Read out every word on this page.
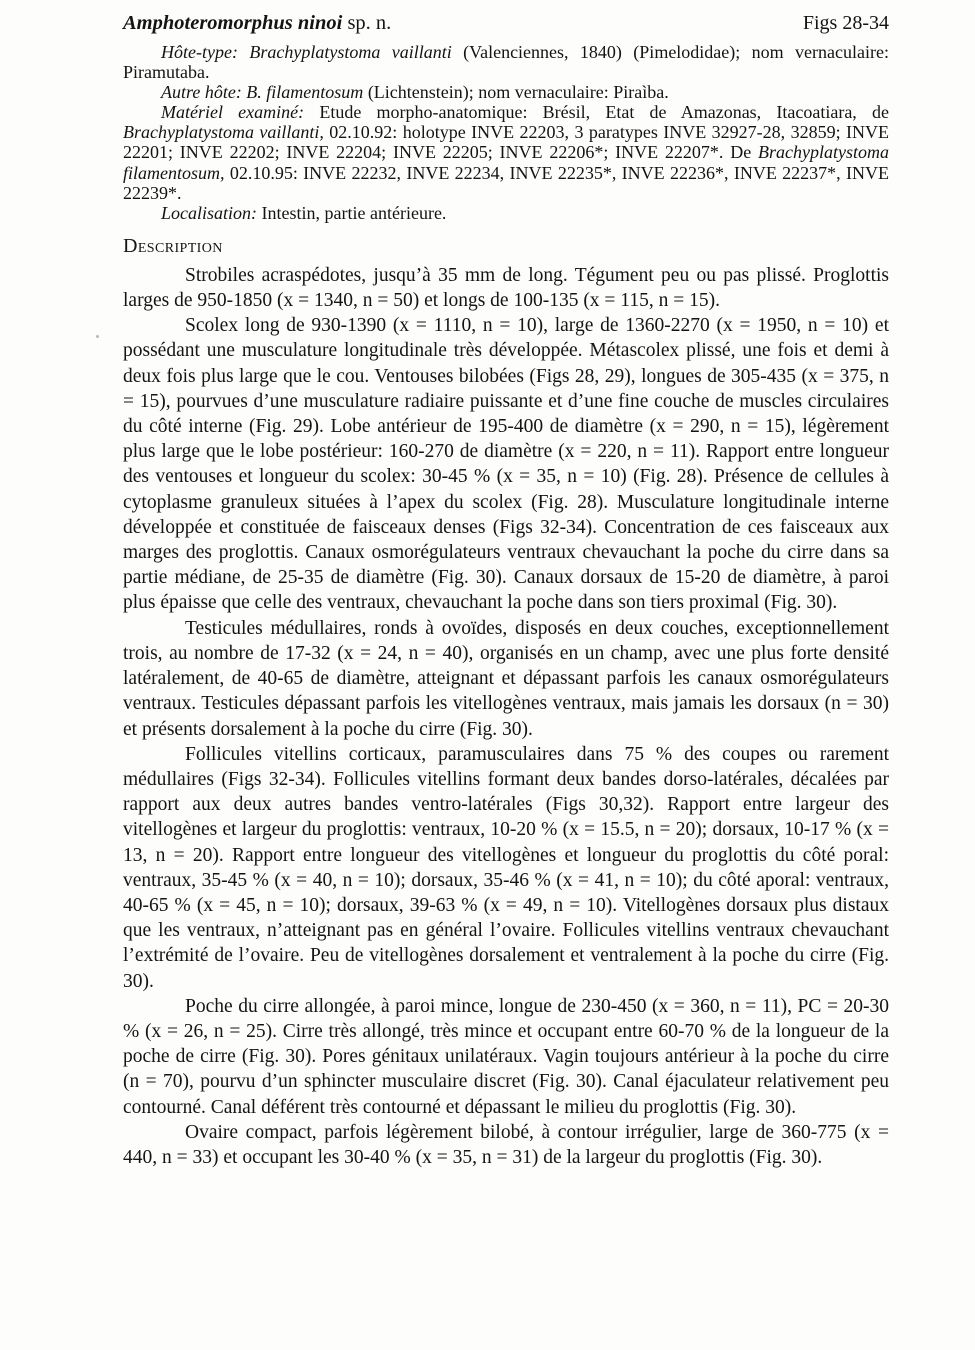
Amphoteromorphus ninoi sp. n.	Figs 28-34

Hôte-type: Brachyplatystoma vaillanti (Valenciennes, 1840) (Pimelodidae); nom vernaculaire: Piramutaba.

Autre hôte: B. filamentosum (Lichtenstein); nom vernaculaire: Piraìba.

Matériel examiné: Etude morpho-anatomique: Brésil, Etat de Amazonas, Itacoatiara, de Brachyplatystoma vaillanti, 02.10.92: holotype INVE 22203, 3 paratypes INVE 32927-28, 32859; INVE 22201; INVE 22202; INVE 22204; INVE 22205; INVE 22206*; INVE 22207*. De Brachyplatystoma filamentosum, 02.10.95: INVE 22232, INVE 22234, INVE 22235*, INVE 22236*, INVE 22237*, INVE 22239*.

Localisation: Intestin, partie antérieure.

Description

Strobiles acraspédotes, jusqu’à 35 mm de long. Tégument peu ou pas plissé. Proglottis larges de 950-1850 (x = 1340, n = 50) et longs de 100-135 (x = 115, n = 15).

Scolex long de 930-1390 (x = 1110, n = 10), large de 1360-2270 (x = 1950, n = 10) et possédant une musculature longitudinale très développée. Métascolex plissé, une fois et demi à deux fois plus large que le cou. Ventouses bilobées (Figs 28, 29), longues de 305-435 (x = 375, n = 15), pourvues d’une musculature radiaire puissante et d’une fine couche de muscles circulaires du côté interne (Fig. 29). Lobe antérieur de 195-400 de diamètre (x = 290, n = 15), légèrement plus large que le lobe postérieur: 160-270 de diamètre (x = 220, n = 11). Rapport entre longueur des ventouses et longueur du scolex: 30-45 % (x = 35, n = 10) (Fig. 28). Présence de cellules à cytoplasme granuleux situées à l’apex du scolex (Fig. 28). Musculature longitudinale interne développée et constituée de faisceaux denses (Figs 32-34). Concentration de ces faisceaux aux marges des proglottis. Canaux osmorégulateurs ventraux chevauchant la poche du cirre dans sa partie médiane, de 25-35 de diamètre (Fig. 30). Canaux dorsaux de 15-20 de diamètre, à paroi plus épaisse que celle des ventraux, chevauchant la poche dans son tiers proximal (Fig. 30).

Testicules médullaires, ronds à ovoïdes, disposés en deux couches, exceptionnellement trois, au nombre de 17-32 (x = 24, n = 40), organisés en un champ, avec une plus forte densité latéralement, de 40-65 de diamètre, atteignant et dépassant parfois les canaux osmorégulateurs ventraux. Testicules dépassant parfois les vitellogènes ventraux, mais jamais les dorsaux (n = 30) et présents dorsalement à la poche du cirre (Fig. 30).

Follicules vitellins corticaux, paramusculaires dans 75 % des coupes ou rarement médullaires (Figs 32-34). Follicules vitellins formant deux bandes dorso-latérales, décalées par rapport aux deux autres bandes ventro-latérales (Figs 30,32). Rapport entre largeur des vitellogènes et largeur du proglottis: ventraux, 10-20 % (x = 15.5, n = 20); dorsaux, 10-17 % (x = 13, n = 20). Rapport entre longueur des vitellogènes et longueur du proglottis du côté poral: ventraux, 35-45 % (x = 40, n = 10); dorsaux, 35-46 % (x = 41, n = 10); du côté aporal: ventraux, 40-65 % (x = 45, n = 10); dorsaux, 39-63 % (x = 49, n = 10). Vitellogènes dorsaux plus distaux que les ventraux, n’atteignant pas en général l’ovaire. Follicules vitellins ventraux chevauchant l’extrémité de l’ovaire. Peu de vitellogènes dorsalement et ventralement à la poche du cirre (Fig. 30).

Poche du cirre allongée, à paroi mince, longue de 230-450 (x = 360, n = 11), PC = 20-30 % (x = 26, n = 25). Cirre très allongé, très mince et occupant entre 60-70 % de la longueur de la poche de cirre (Fig. 30). Pores génitaux unilatéraux. Vagin toujours antérieur à la poche du cirre (n = 70), pourvu d’un sphincter musculaire discret (Fig. 30). Canal éjaculateur relativement peu contourné. Canal déférent très contourné et dépassant le milieu du proglottis (Fig. 30).

Ovaire compact, parfois légèrement bilobé, à contour irrégulier, large de 360-775 (x = 440, n = 33) et occupant les 30-40 % (x = 35, n = 31) de la largeur du proglottis (Fig. 30).
